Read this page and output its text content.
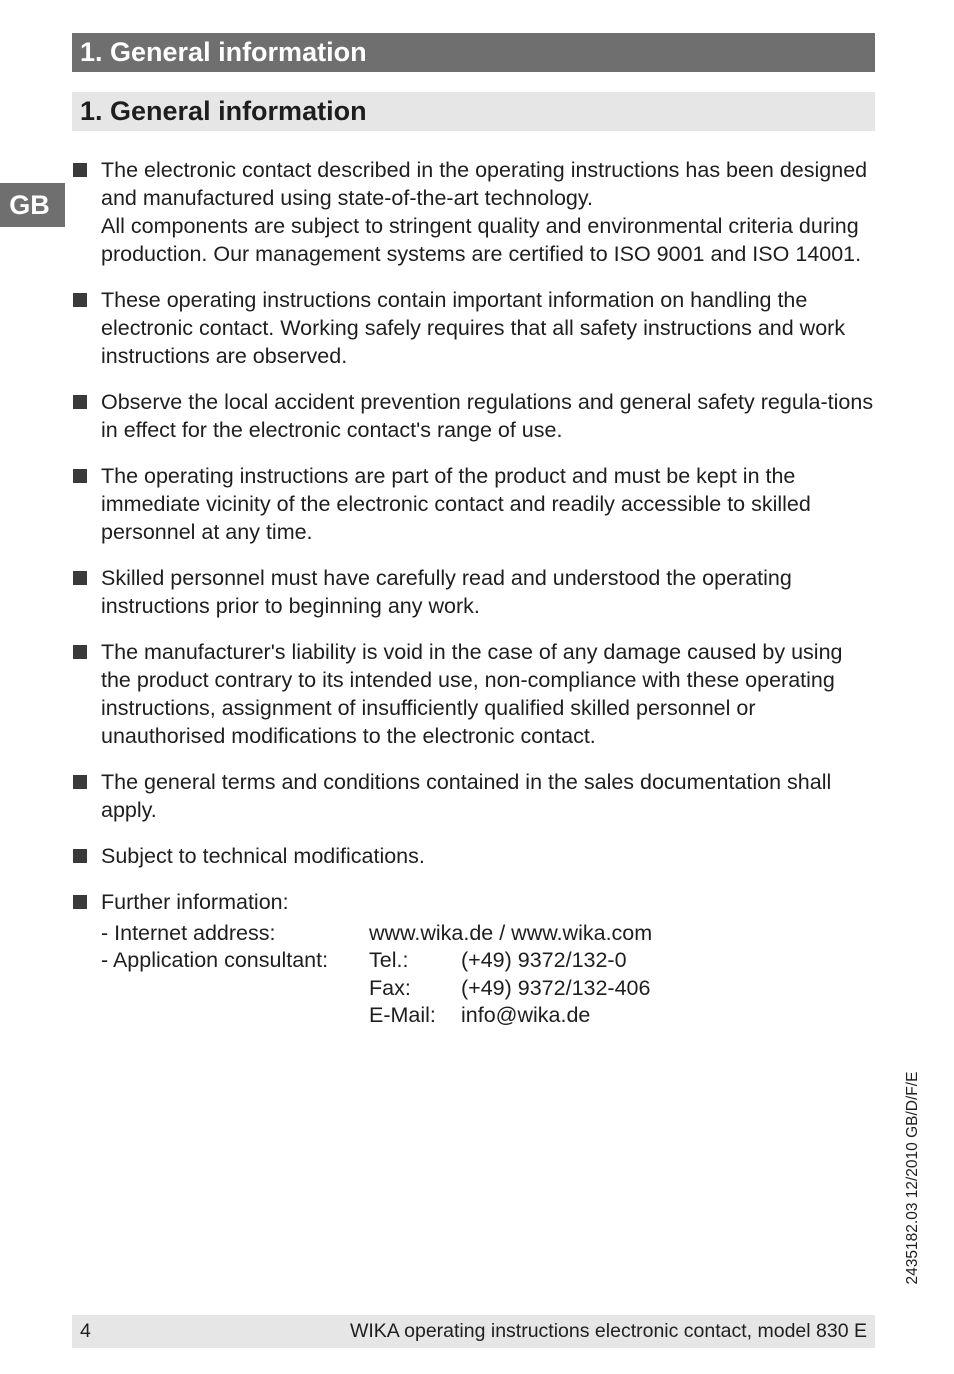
1. General information
1. General information
GB
The electronic contact described in the operating instructions has been designed and manufactured using state-of-the-art technology.
All components are subject to stringent quality and environmental criteria during production. Our management systems are certified to ISO 9001 and ISO 14001.
These operating instructions contain important information on handling the electronic contact. Working safely requires that all safety instructions and work instructions are observed.
Observe the local accident prevention regulations and general safety regula-tions in effect for the electronic contact's range of use.
The operating instructions are part of the product and must be kept in the immediate vicinity of the electronic contact and readily accessible to skilled personnel at any time.
Skilled personnel must have carefully read and understood the operating instructions prior to beginning any work.
The manufacturer's liability is void in the case of any damage caused by using the product contrary to its intended use, non-compliance with these operating instructions, assignment of insufficiently qualified skilled personnel or unauthorised modifications to the electronic contact.
The general terms and conditions contained in the sales documentation shall apply.
Subject to technical modifications.
Further information:
- Internet address:	www.wika.de / www.wika.com
- Application consultant:	Tel.:	(+49) 9372/132-0
Fax:	(+49) 9372/132-406
E-Mail:	info@wika.de
2435182.03 12/2010 GB/D/F/E
4	WIKA operating instructions electronic contact, model 830 E
